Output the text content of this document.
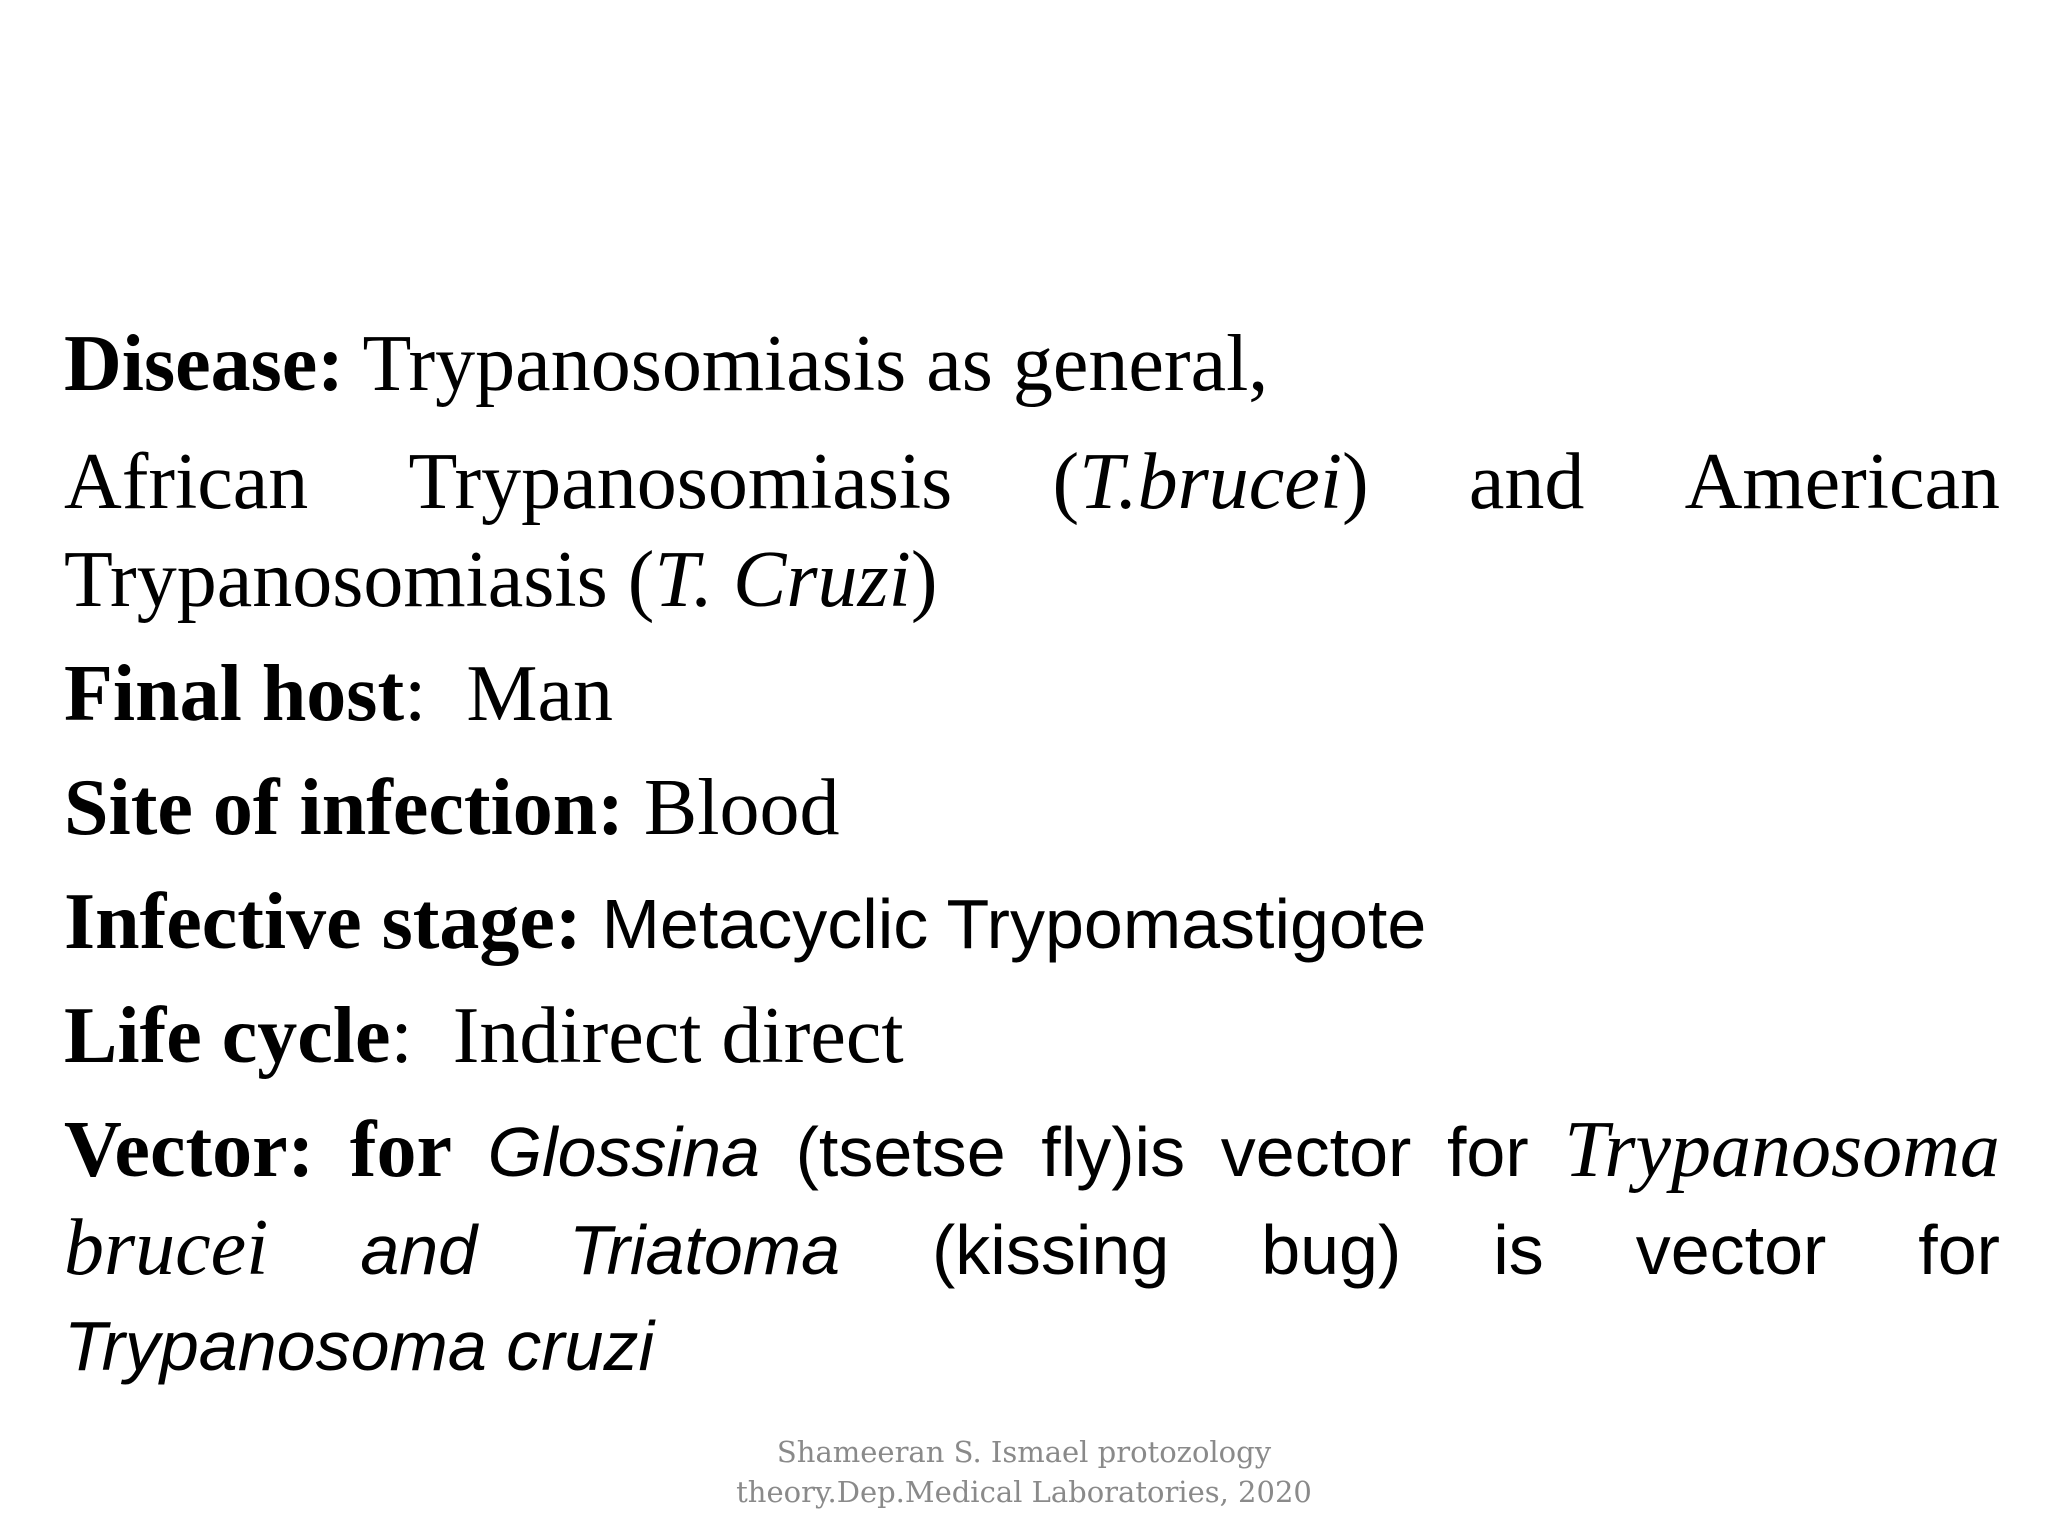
Disease: Trypanosomiasis as general,
African Trypanosomiasis (T.brucei) and American
Trypanosomiasis (T. Cruzi)
Final host: Man
Site of infection: Blood
Infective stage: Metacyclic Trypomastigote
Life cycle: Indirect direct
Vector: for Glossina (tsetse fly)is vector for Trypanosoma
brucei and Triatoma (kissing bug) is vector for
Trypanosoma cruzi
Shameeran S. Ismael protozology
theory.Dep.Medical Laboratories, 2020
